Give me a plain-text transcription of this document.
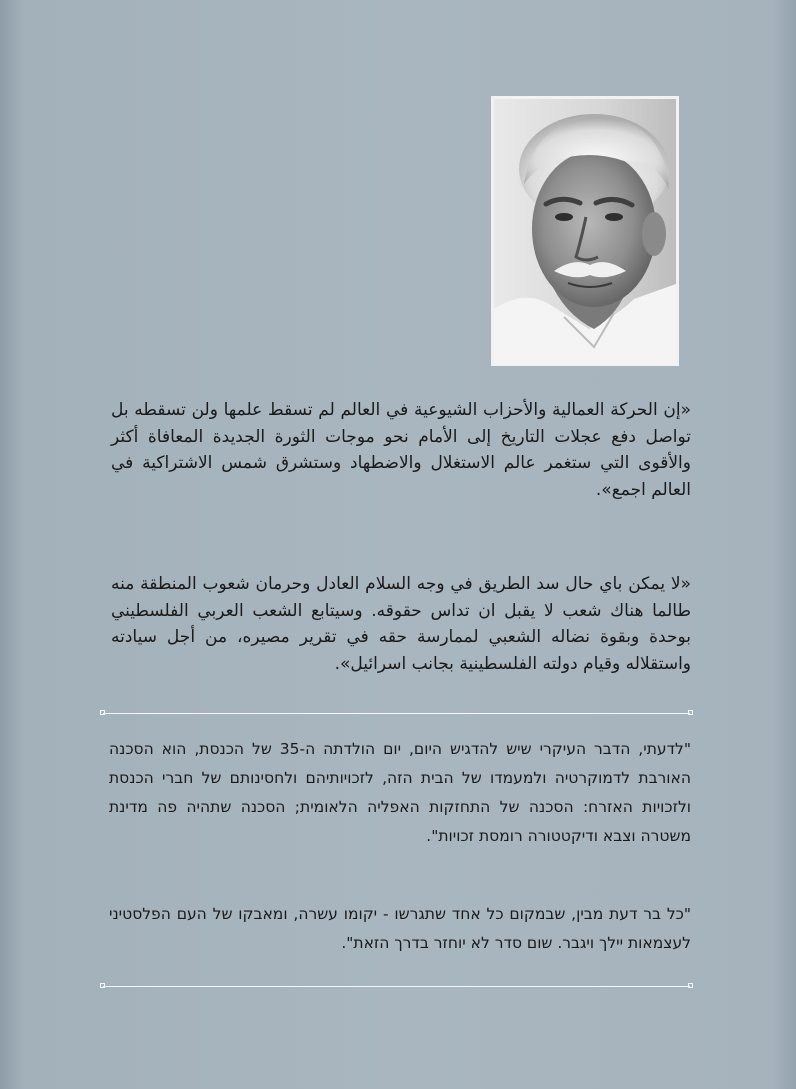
«إن الحركة العمالية والأحزاب الشيوعية في العالم لم تسقط علمها ولن تسقطه بل تواصل دفع عجلات التاريخ إلى الأمام نحو موجات الثورة الجديدة المعافاة أكثر والأقوى التي ستغمر عالم الاستغلال والاضطهاد وستشرق شمس الاشتراكية في العالم اجمع».

«لا يمكن باي حال سد الطريق في وجه السلام العادل وحرمان شعوب المنطقة منه طالما هناك شعب لا يقبل ان تداس حقوقه. وسيتابع الشعب العربي الفلسطيني بوحدة وبقوة نضاله الشعبي لممارسة حقه في تقرير مصيره، من أجل سيادته واستقلاله وقيام دولته الفلسطينية بجانب اسرائيل».

"לדעתי, הדבר העיקרי שיש להדגיש היום, יום הולדתה ה-35 של הכנסת, הוא הסכנה האורבת לדמוקרטיה ולמעמדו של הבית הזה, לזכויותיהם ולחסינותם של חברי הכנסת ולזכויות האזרח: הסכנה של התחזקות האפליה הלאומית; הסכנה שתהיה פה מדינת משטרה וצבא ודיקטטורה רומסת זכויות".

"כל בר דעת מבין, שבמקום כל אחד שתגרשו - יקומו עשרה, ומאבקו של העם הפלסטיני לעצמאות יילך ויגבר. שום סדר לא יוחזר בדרך הזאת".
